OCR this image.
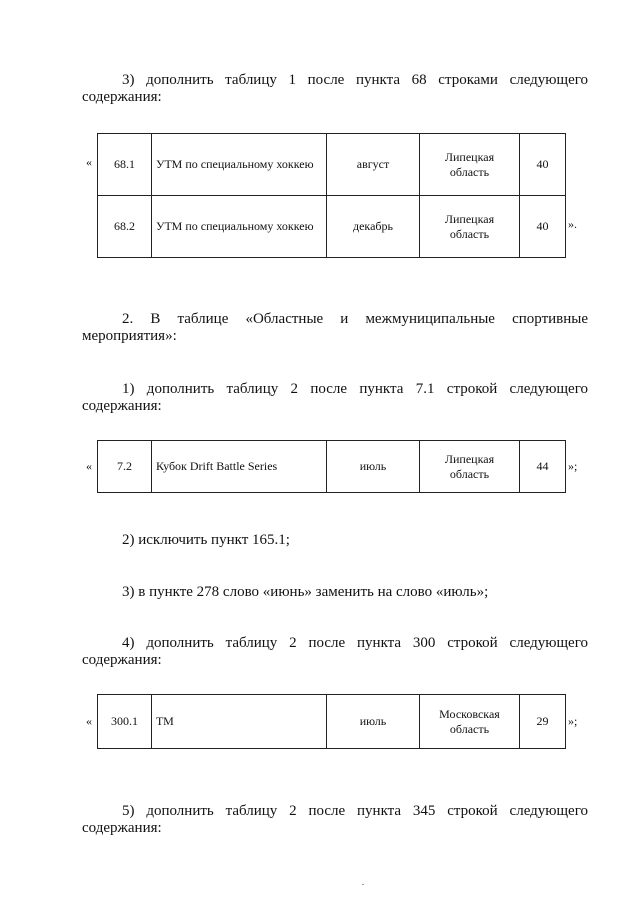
3) дополнить таблицу 1 после пункта 68 строками следующего содержания:
« 68.1	УТМ по специальному хоккею	август	Липецкая область	40
68.2	УТМ по специальному хоккею	декабрь	Липецкая область	40 ».
2. В таблице «Областные и межмуниципальные спортивные мероприятия»:
1) дополнить таблицу 2 после пункта 7.1 строкой следующего содержания:
« 7.2	Кубок Drift Battle Series	июль	Липецкая область	44 »;
2) исключить пункт 165.1;
3) в пункте 278 слово «июнь» заменить на слово «июль»;
4) дополнить таблицу 2 после пункта 300 строкой следующего содержания:
« 300.1	ТМ	июль	Московская область	29 »;
5) дополнить таблицу 2 после пункта 345 строкой следующего содержания:
